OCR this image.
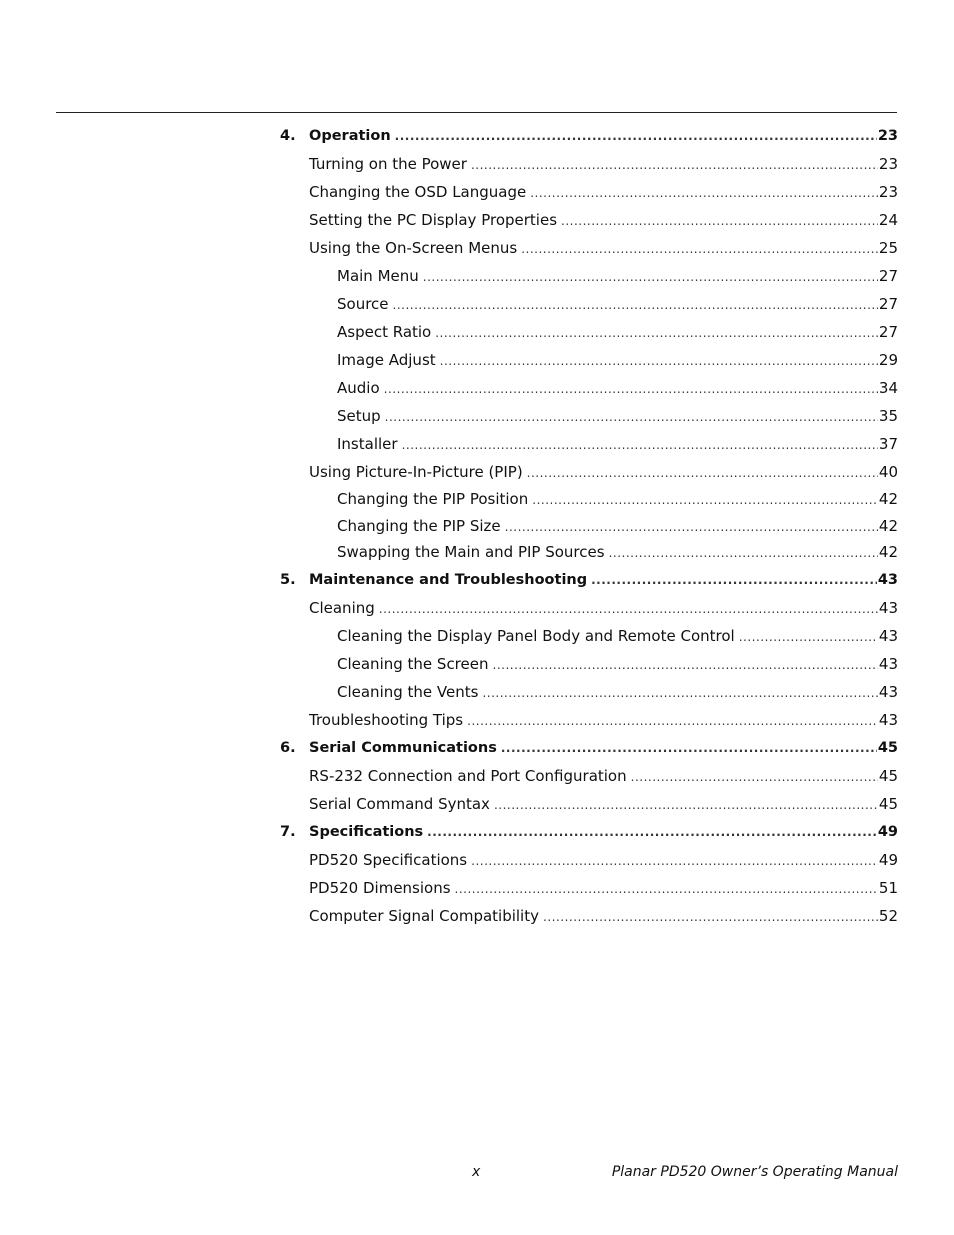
4. Operation .....	23
Turning on the Power .....	23
Changing the OSD Language .....	23
Setting the PC Display Properties .....	24
Using the On-Screen Menus .....	25
Main Menu .....	27
Source .....	27
Aspect Ratio .....	27
Image Adjust .....	29
Audio .....	34
Setup .....	35
Installer .....	37
Using Picture-In-Picture (PIP) .....	40
Changing the PIP Position .....	42
Changing the PIP Size .....	42
Swapping the Main and PIP Sources .....	42
5. Maintenance and Troubleshooting .....	43
Cleaning .....	43
Cleaning the Display Panel Body and Remote Control .....	43
Cleaning the Screen .....	43
Cleaning the Vents .....	43
Troubleshooting Tips .....	43
6. Serial Communications .....	45
RS-232 Connection and Port Configuration .....	45
Serial Command Syntax .....	45
7. Specifications .....	49
PD520 Specifications .....	49
PD520 Dimensions .....	51
Computer Signal Compatibility .....	52
x	Planar PD520 Owner’s Operating Manual
